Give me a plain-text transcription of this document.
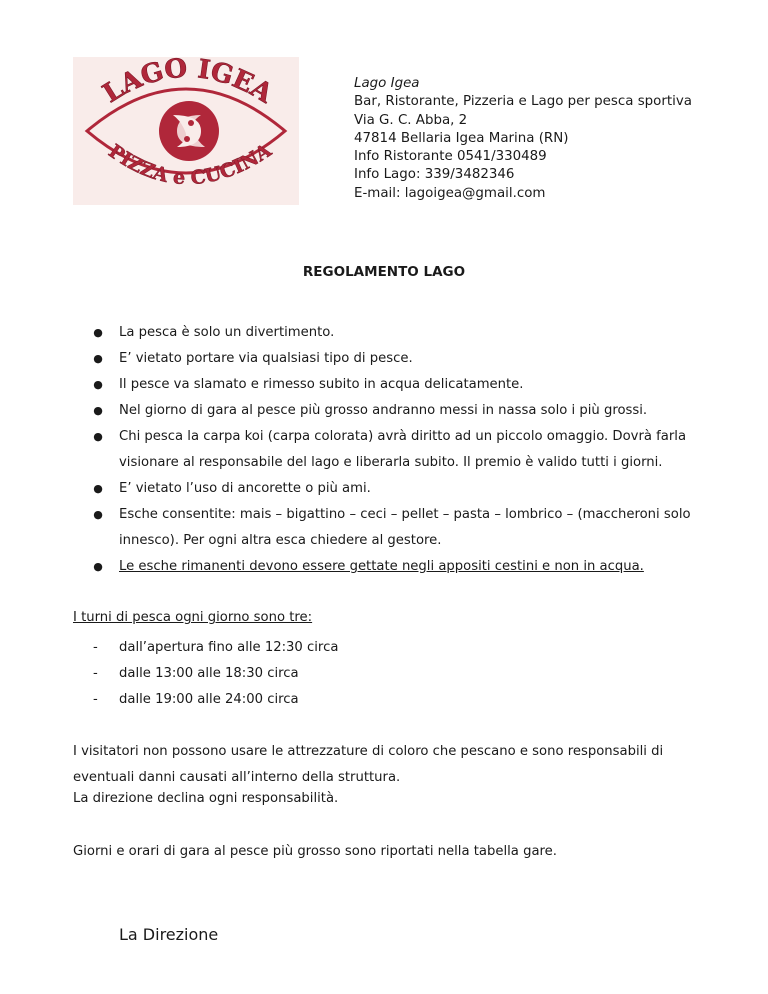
LAGO IGEA
PIZZA e CUCINA
Lago Igea
Bar, Ristorante, Pizzeria e Lago per pesca sportiva
Via G. C. Abba, 2
47814 Bellaria Igea Marina (RN)
Info Ristorante 0541/330489
Info Lago: 339/3482346
E-mail: lagoigea@gmail.com
REGOLAMENTO LAGO
● La pesca è solo un divertimento.
● E’ vietato portare via qualsiasi tipo di pesce.
● Il pesce va slamato e rimesso subito in acqua delicatamente.
● Nel giorno di gara al pesce più grosso andranno messi in nassa solo i più grossi.
● Chi pesca la carpa koi (carpa colorata) avrà diritto ad un piccolo omaggio. Dovrà farla visionare al responsabile del lago e liberarla subito. Il premio è valido tutti i giorni.
● E’ vietato l’uso di ancorette o più ami.
● Esche consentite: mais – bigattino – ceci – pellet – pasta – lombrico – (maccheroni solo innesco). Per ogni altra esca chiedere al gestore.
● Le esche rimanenti devono essere gettate negli appositi cestini e non in acqua.
I turni di pesca ogni giorno sono tre:
- dall’apertura fino alle 12:30 circa
- dalle 13:00 alle 18:30 circa
- dalle 19:00 alle 24:00 circa
I visitatori non possono usare le attrezzature di coloro che pescano e sono responsabili di eventuali danni causati all’interno della struttura.
La direzione declina ogni responsabilità.
Giorni e orari di gara al pesce più grosso sono riportati nella tabella gare.
La Direzione
